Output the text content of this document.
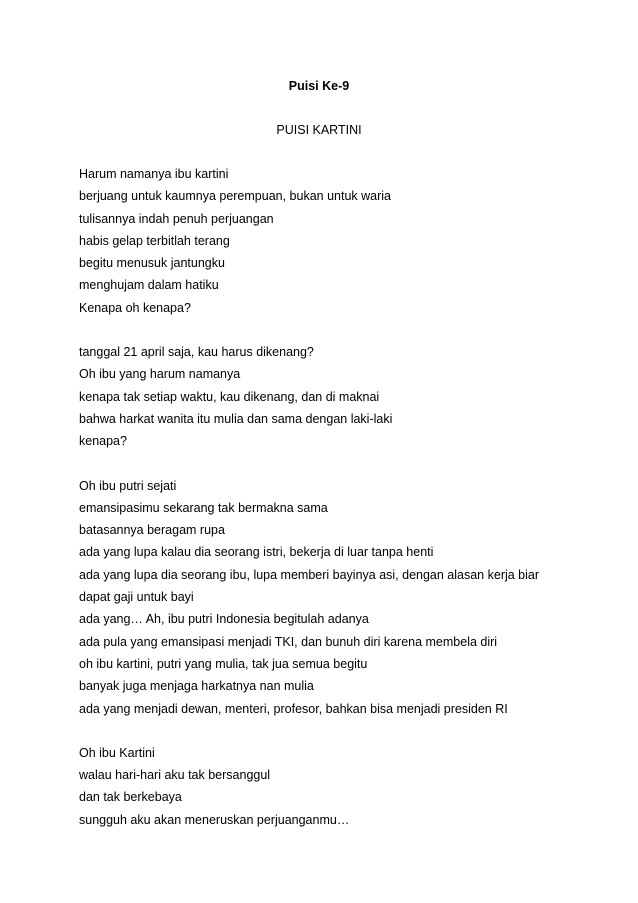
Puisi Ke-9
PUISI KARTINI
Harum namanya ibu kartini
berjuang untuk kaumnya perempuan, bukan untuk waria
tulisannya indah penuh perjuangan
habis gelap terbitlah terang
begitu menusuk jantungku
menghujam dalam hatiku
Kenapa oh kenapa?
tanggal 21 april saja, kau harus dikenang?
Oh ibu yang harum namanya
kenapa tak setiap waktu, kau dikenang, dan di maknai
bahwa harkat wanita itu mulia dan sama dengan laki-laki
kenapa?
Oh ibu putri sejati
emansipasimu sekarang tak bermakna sama
batasannya beragam rupa
ada yang lupa kalau dia seorang istri, bekerja di luar tanpa henti
ada yang lupa dia seorang ibu, lupa memberi bayinya asi, dengan alasan kerja biar
dapat gaji untuk bayi
ada yang… Ah, ibu putri Indonesia begitulah adanya
ada pula yang emansipasi menjadi TKI, dan bunuh diri karena membela diri
oh ibu kartini, putri yang mulia, tak jua semua begitu
banyak juga menjaga harkatnya nan mulia
ada yang menjadi dewan, menteri, profesor, bahkan bisa menjadi presiden RI
Oh ibu Kartini
walau hari-hari aku tak bersanggul
dan tak berkebaya
sungguh aku akan meneruskan perjuanganmu…
